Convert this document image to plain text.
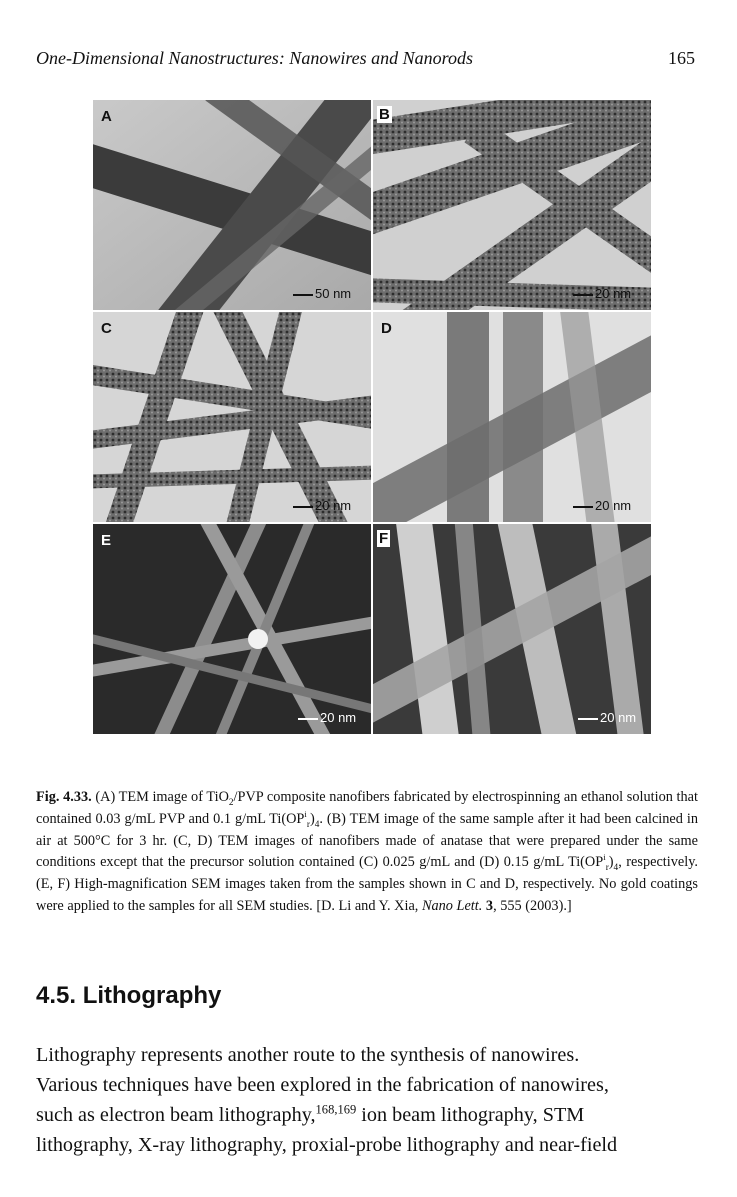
One-Dimensional Nanostructures: Nanowires and Nanorods	165
A
50 nm
B
20 nm
C
20 nm
D
20 nm
E
20 nm
F
20 nm
Fig. 4.33. (A) TEM image of TiO$_2$/PVP composite nanofibers fabricated by electrospinning an ethanol solution that contained 0.03 g/mL PVP and 0.1 g/mL $Ti(OP^i_r)_4$. (B) TEM image of the same sample after it had been calcined in air at 500°C for 3 hr. (C, D) TEM images of nanofibers made of anatase that were prepared under the same conditions except that the precursor solution contained (C) 0.025 g/mL and (D) 0.15 g/mL $Ti(OP^i_r)_4$, respectively. (E, F) High-magnification SEM images taken from the samples shown in C and D, respectively. No gold coatings were applied to the samples for all SEM studies. [D. Li and Y. Xia, Nano Lett. 3, 555 (2003).]
4.5. Lithography
Lithography represents another route to the synthesis of nanowires.
Various techniques have been explored in the fabrication of nanowires,
such as electron beam lithography,$^{168,169}$ ion beam lithography, STM
lithography, X-ray lithography, proxial-probe lithography and near-field
